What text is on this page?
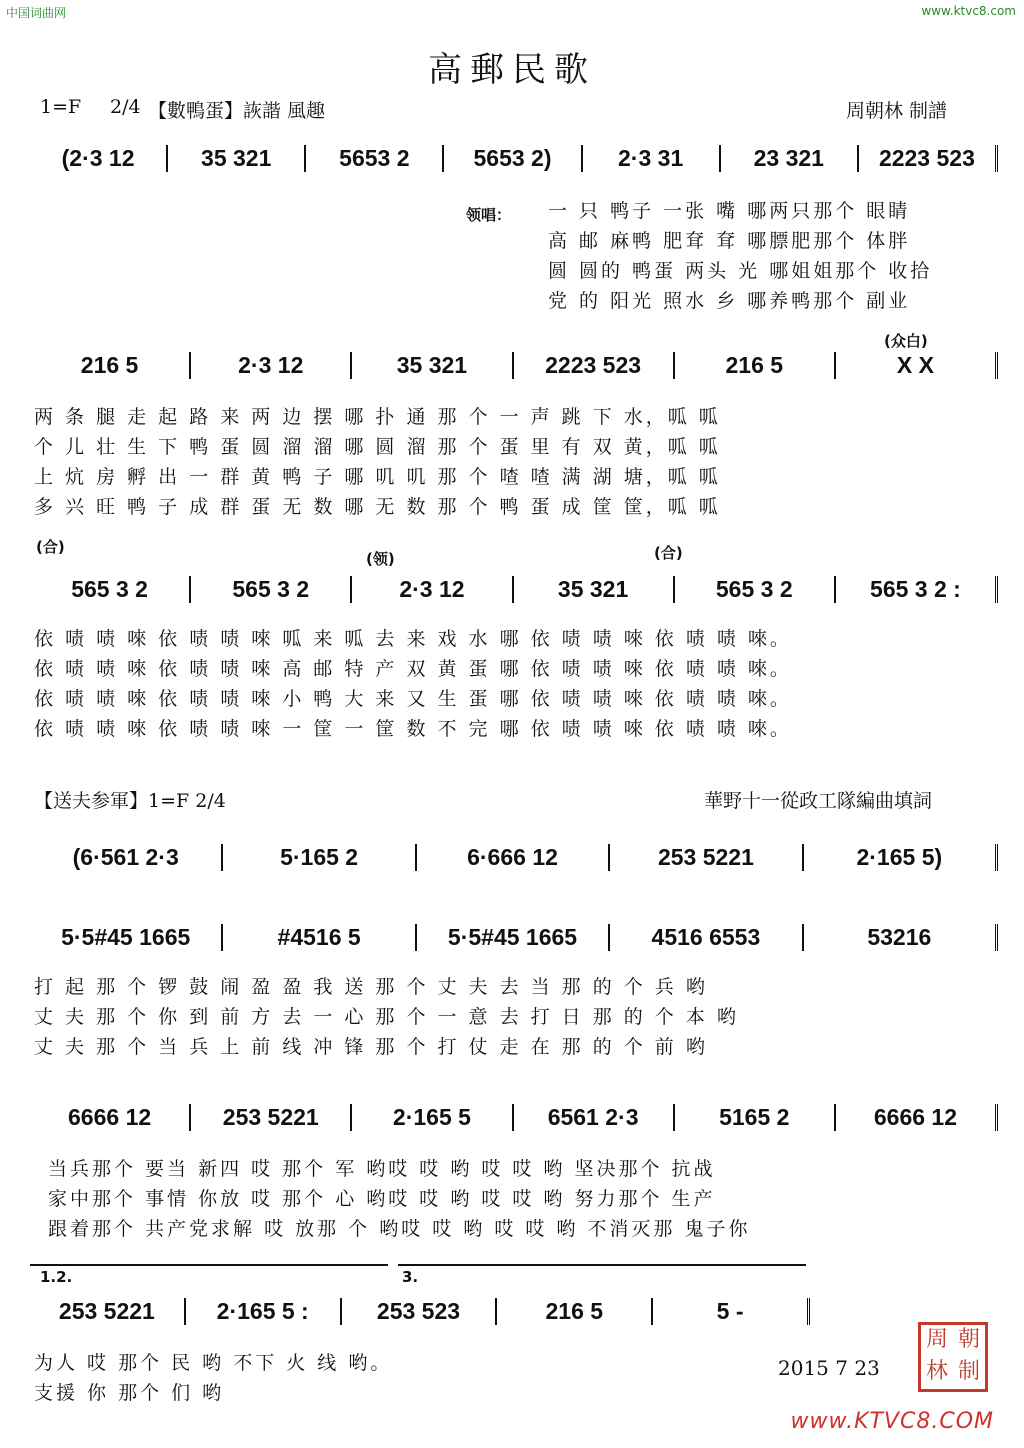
中国词曲网	www.ktvc8.com
高郵民歌
1=F 2/4 【數鴨蛋】詼諧 風趣	周朝林 制譜
(2·3 12	35 321	5653 2	5653 2)	2·3 31	23 321	2223 523
领唱： 一 只 鸭子 一张 嘴 哪两只那个 眼睛
高 邮 麻鸭 肥耷 耷 哪膘肥那个 体胖
圆 圆的 鸭蛋 两头 光 哪姐姐那个 收拾
党 的 阳光 照水 乡 哪养鸭那个 副业
(众白)
216 5	2·3 12	35 321	2223 523	216 5	X X
两 条 腿 走 起 路 来 两 边 摆 哪 扑 通 那 个 一 声 跳 下 水，呱 呱
个 儿 壮 生 下 鸭 蛋 圆 溜 溜 哪 圆 溜 那 个 蛋 里 有 双 黄，呱 呱
上 炕 房 孵 出 一 群 黄 鸭 子 哪 叽 叽 那 个 喳 喳 满 湖 塘，呱 呱
多 兴 旺 鸭 子 成 群 蛋 无 数 哪 无 数 那 个 鸭 蛋 成 筐 筐，呱 呱
(合)
(领)	(合)
565 3 2	565 3 2	2·3 12	35 321	565 3 2	565 3 2 :
依 啧 啧 唻 依 啧 啧 唻 呱 来 呱 去 来 戏 水 哪 依 啧 啧 唻 依 啧 啧 唻。
依 啧 啧 唻 依 啧 啧 唻 高 邮 特 产 双 黄 蛋 哪 依 啧 啧 唻 依 啧 啧 唻。
依 啧 啧 唻 依 啧 啧 唻 小 鸭 大 来 又 生 蛋 哪 依 啧 啧 唻 依 啧 啧 唻。
依 啧 啧 唻 依 啧 啧 唻 一 筐 一 筐 数 不 完 哪 依 啧 啧 唻 依 啧 啧 唻。
【送夫参軍】1=F 2/4	華野十一從政工隊編曲填詞
(6·561 2·3	5·165 2	6·666 12	253 5221	2·165 5)
5·5#45 1665	#4516 5	5·5#45 1665	4516 6553	53216
打 起 那 个 锣 鼓 闹 盈 盈 我 送 那 个 丈 夫 去 当 那 的 个 兵 哟
丈 夫 那 个 你 到 前 方 去 一 心 那 个 一 意 去 打 日 那 的 个 本 哟
丈 夫 那 个 当 兵 上 前 线 冲 锋 那 个 打 仗 走 在 那 的 个 前 哟
6666 12	253 5221	2·165 5	6561 2·3	5165 2	6666 12
当兵那个 要当 新四 哎 那个 军 哟哎 哎 哟 哎 哎 哟 坚决那个 抗战
家中那个 事情 你放 哎 那个 心 哟哎 哎 哟 哎 哎 哟 努力那个 生产
跟着那个 共产党求解 哎 放那 个 哟哎 哎 哟 哎 哎 哟 不消灭那 鬼子你
1.2.	3.
253 5221	2·165 5 :	253 523	216 5	5 -
为人 哎 那个 民 哟 不下 火 线 哟。
支援 你 那个 们 哟
2015 7 23
周 朝
林 制
www.KTVC8.COM
